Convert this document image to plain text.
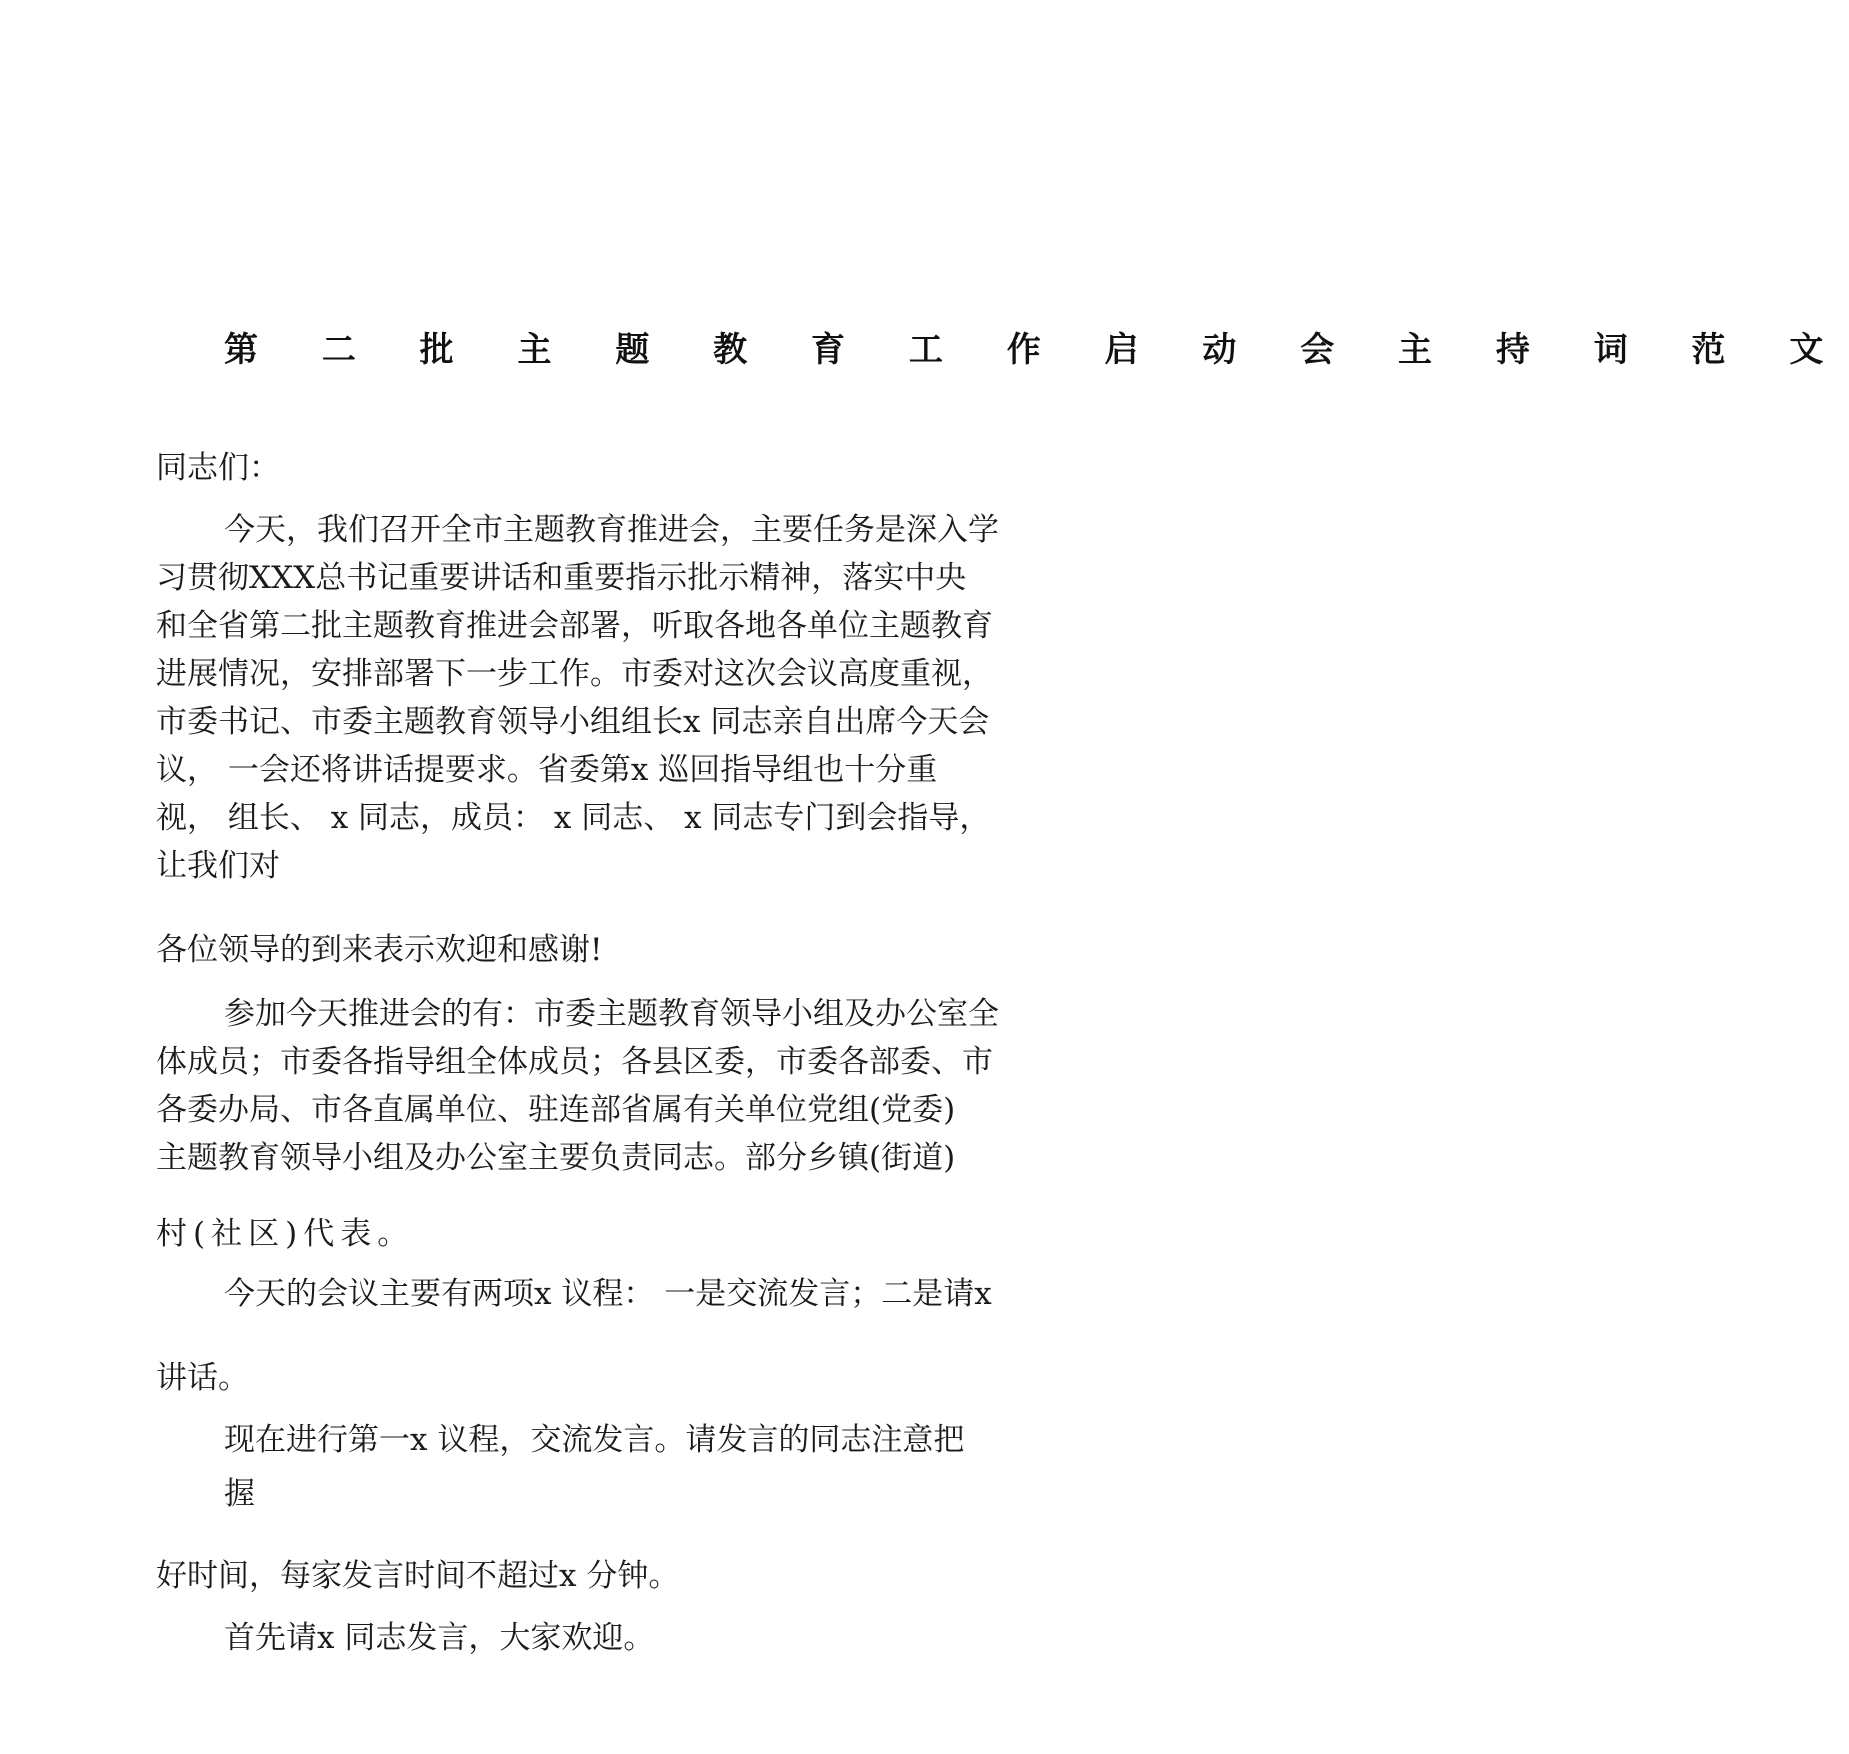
第 二 批 主 题 教 育 工 作 启 动 会 主 持 词 范 文
同志们：
今天，我们召开全市主题教育推进会，主要任务是深入学
习贯彻XXX总书记重要讲话和重要指示批示精神，落实中央
和全省第二批主题教育推进会部署，听取各地各单位主题教育
进展情况，安排部署下一步工作。市委对这次会议高度重视，
市委书记、市委主题教育领导小组组长x 同志亲自出席今天会
议， 一会还将讲话提要求。省委第x 巡回指导组也十分重
视， 组长、 x 同志，成员： x 同志、 x 同志专门到会指导，
让我们对
各位领导的到来表示欢迎和感谢!
参加今天推进会的有：市委主题教育领导小组及办公室全
体成员；市委各指导组全体成员；各县区委，市委各部委、市
各委办局、市各直属单位、驻连部省属有关单位党组(党委)
主题教育领导小组及办公室主要负责同志。部分乡镇(街道)
村(社区)代表。
今天的会议主要有两项x 议程： 一是交流发言；二是请x
讲话。
现在进行第一x 议程，交流发言。请发言的同志注意把
握
好时间，每家发言时间不超过x 分钟。
首先请x 同志发言，大家欢迎。
